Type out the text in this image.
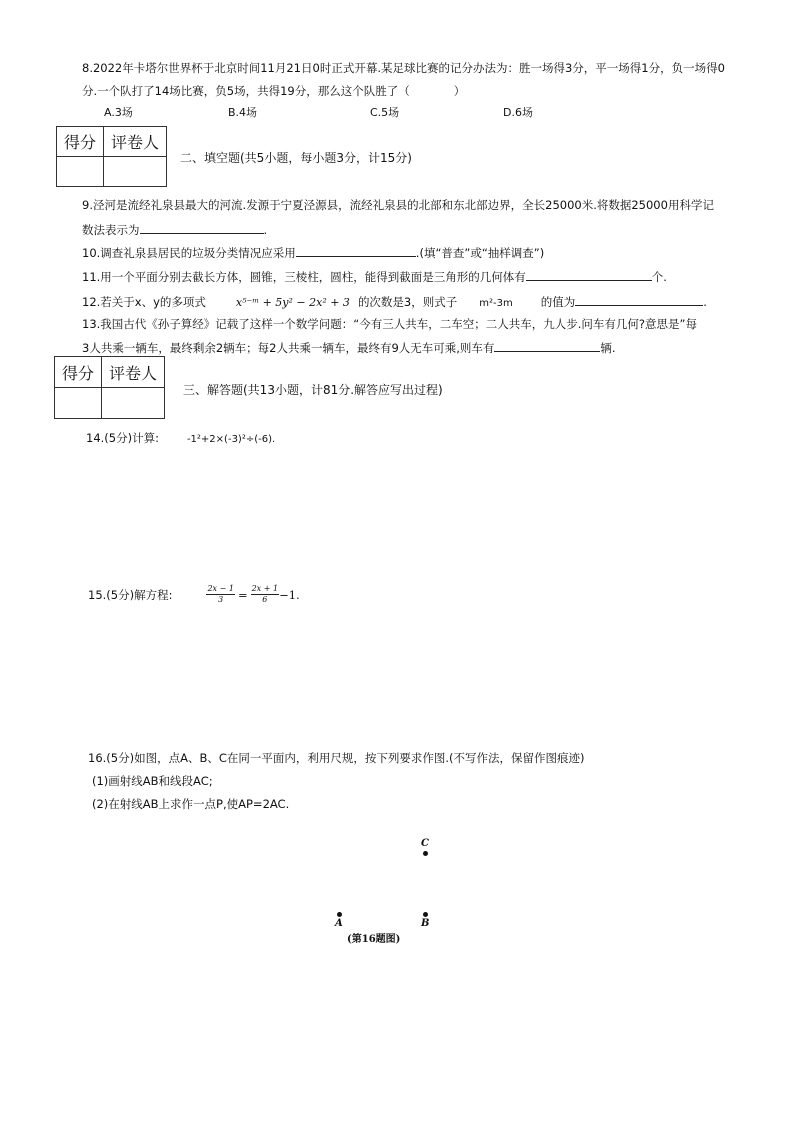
8.2022年卡塔尔世界杯于北京时间11月21日0时正式开幕.某足球比赛的记分办法为：胜一场得3分，平一场得1分，负一场得0
分.一个队打了14场比赛，负5场，共得19分，那么这个队胜了（	）
A.3场	B.4场	C.5场	D.6场
得分	评卷人

二、填空题(共5小题，每小题3分，计15分)
9.泾河是流经礼泉县最大的河流.发源于宁夏泾源县，流经礼泉县的北部和东北部边界，全长25000米.将数据25000用科学记
数法表示为	.
10.调查礼泉县居民的垃圾分类情况应采用	.(填“普查”或“抽样调查”)
11.用一个平面分别去截长方体，圆锥，三棱柱，圆柱，能得到截面是三角形的几何体有	个.
12.若关于x、y的多项式	x⁵⁻ᵐ + 5y² − 2x² + 3 的次数是3，则式子 m²-3m 的值为	.
13.我国古代《孙子算经》记载了这样一个数学问题：“今有三人共车，二车空；二人共车，九人步.问车有几何?意思是”每
3人共乘一辆车，最终剩余2辆车；每2人共乘一辆车，最终有9人无车可乘,则车有	辆.
得分	评卷人

三、解答题(共13小题，计81分.解答应写出过程)
14.(5分)计算:	-1²+2×(-3)²÷(-6).
15.(5分)解方程:	$\frac{2x - 1}{3} = \frac{2x + 1}{6} -1$.
16.(5分)如图，点A、B、C在同一平面内，利用尺规，按下列要求作图.(不写作法，保留作图痕迹)
(1)画射线AB和线段AC;
(2)在射线AB上求作一点P,使AP=2AC.
C
A	B
(第16题图)
